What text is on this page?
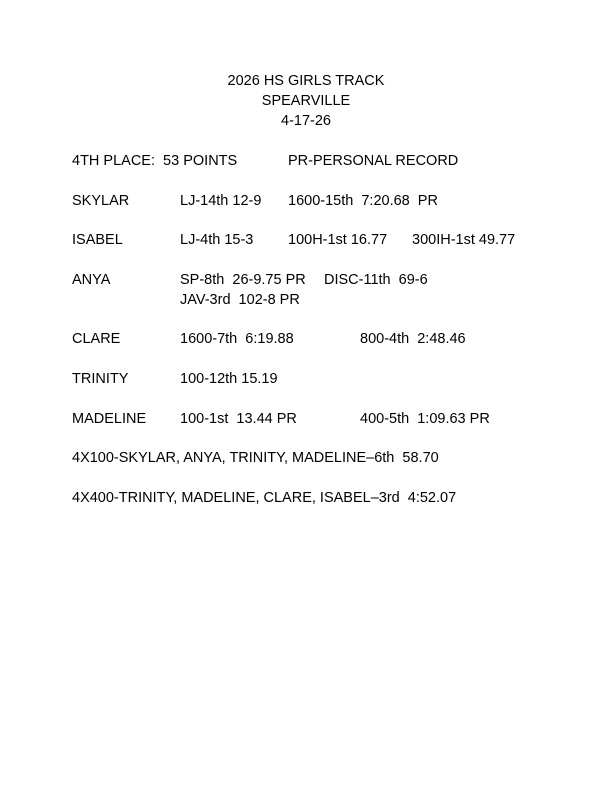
2026 HS GIRLS TRACK
SPEARVILLE
4-17-26
4TH PLACE:  53 POINTS	PR-PERSONAL RECORD
SKYLAR	LJ-14th 12-9 1600-15th  7:20.68  PR
ISABEL	LJ-4th 15-3 100H-1st 16.77 300IH-1st 49.77
ANYA	SP-8th  26-9.75 PR DISC-11th  69-6
JAV-3rd  102-8 PR
CLARE	1600-7th  6:19.88	800-4th  2:48.46
TRINITY	100-12th 15.19
MADELINE 100-1st  13.44 PR	400-5th  1:09.63 PR
4X100-SKYLAR, ANYA, TRINITY, MADELINE–6th  58.70
4X400-TRINITY, MADELINE, CLARE, ISABEL–3rd  4:52.07
